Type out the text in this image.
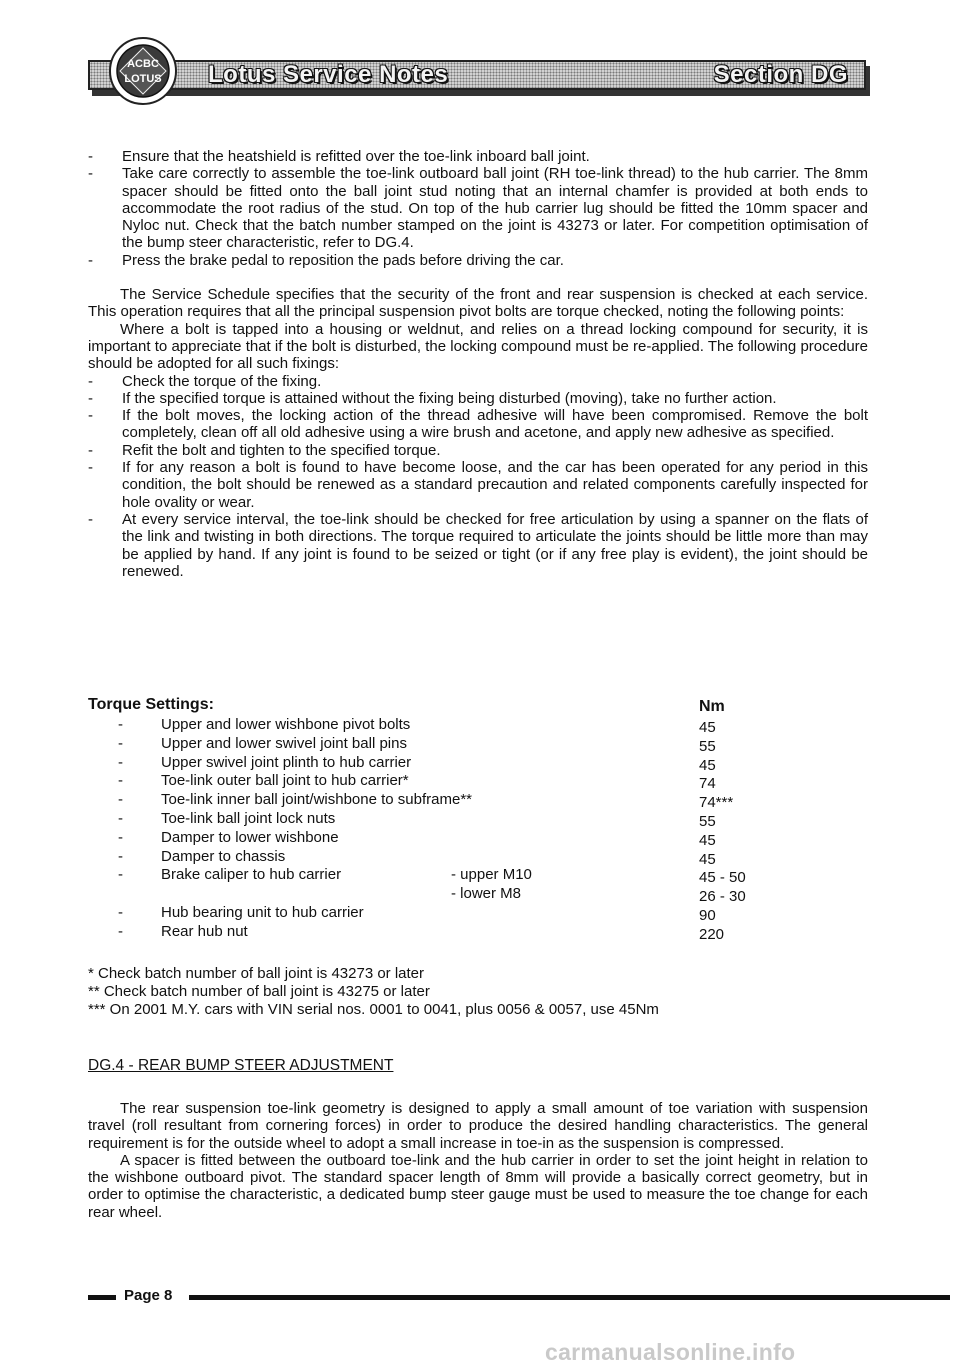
ACBC
LOTUS Lotus Service Notes	Section DG

- Ensure that the heatshield is refitted over the toe-link inboard ball joint.

- Take care correctly to assemble the toe-link outboard ball joint (RH toe-link thread) to the hub carrier. The 8mm spacer should be fitted onto the ball joint stud noting that an internal chamfer is provided at both ends to accommodate the root radius of the stud. On top of the hub carrier lug should be fitted the 10mm spacer and Nyloc nut. Check that the batch number stamped on the joint is 43273 or later. For competition optimisation of the bump steer characteristic, refer to DG.4.

- Press the brake pedal to reposition the pads before driving the car.

The Service Schedule specifies that the security of the front and rear suspension is checked at each service. This operation requires that all the principal suspension pivot bolts are torque checked, noting the following points:

Where a bolt is tapped into a housing or weldnut, and relies on a thread locking compound for security, it is important to appreciate that if the bolt is disturbed, the locking compound must be re-applied. The following procedure should be adopted for all such fixings:

- Check the torque of the fixing.

- If the specified torque is attained without the fixing being disturbed (moving), take no further action.

- If the bolt moves, the locking action of the thread adhesive will have been compromised. Remove the bolt completely, clean off all old adhesive using a wire brush and acetone, and apply new adhesive as specified.

- Refit the bolt and tighten to the specified torque.

- If for any reason a bolt is found to have become loose, and the car has been operated for any period in this condition, the bolt should be renewed as a standard precaution and related components carefully inspected for hole ovality or wear.

- At every service interval, the toe-link should be checked for free articulation by using a spanner on the flats of the link and twisting in both directions. The torque required to articulate the joints should be little more than may be applied by hand. If any joint is found to be seized or tight (or if any free play is evident), the joint should be renewed.

Torque Settings:	Nm
-	Upper and lower wishbone pivot bolts	45
-	Upper and lower swivel joint ball pins	55
-	Upper swivel joint plinth to hub carrier	45
-	Toe-link outer ball joint to hub carrier*	74
-	Toe-link inner ball joint/wishbone to subframe**	74***
-	Toe-link ball joint lock nuts	55
-	Damper to lower wishbone	45
-	Damper to chassis	45
-	Brake caliper to hub carrier	- upper M10	45 - 50
- lower M8	26 - 30
-	Hub bearing unit to hub carrier	90
-	Rear hub nut	220
* Check batch number of ball joint is 43273 or later
** Check batch number of ball joint is 43275 or later
*** On 2001 M.Y. cars with VIN serial nos. 0001 to 0041, plus 0056 & 0057, use 45Nm
DG.4 - REAR BUMP STEER ADJUSTMENT

The rear suspension toe-link geometry is designed to apply a small amount of toe variation with suspension travel (roll resultant from cornering forces) in order to produce the desired handling characteristics. The general requirement is for the outside wheel to adopt a small increase in toe-in as the suspension is compressed.

A spacer is fitted between the outboard toe-link and the hub carrier in order to set the joint height in relation to the wishbone outboard pivot. The standard spacer length of 8mm will provide a basically correct geometry, but in order to optimise the characteristic, a dedicated bump steer gauge must be used to measure the toe change for each rear wheel.

Page 8
carmanualsonline.info
